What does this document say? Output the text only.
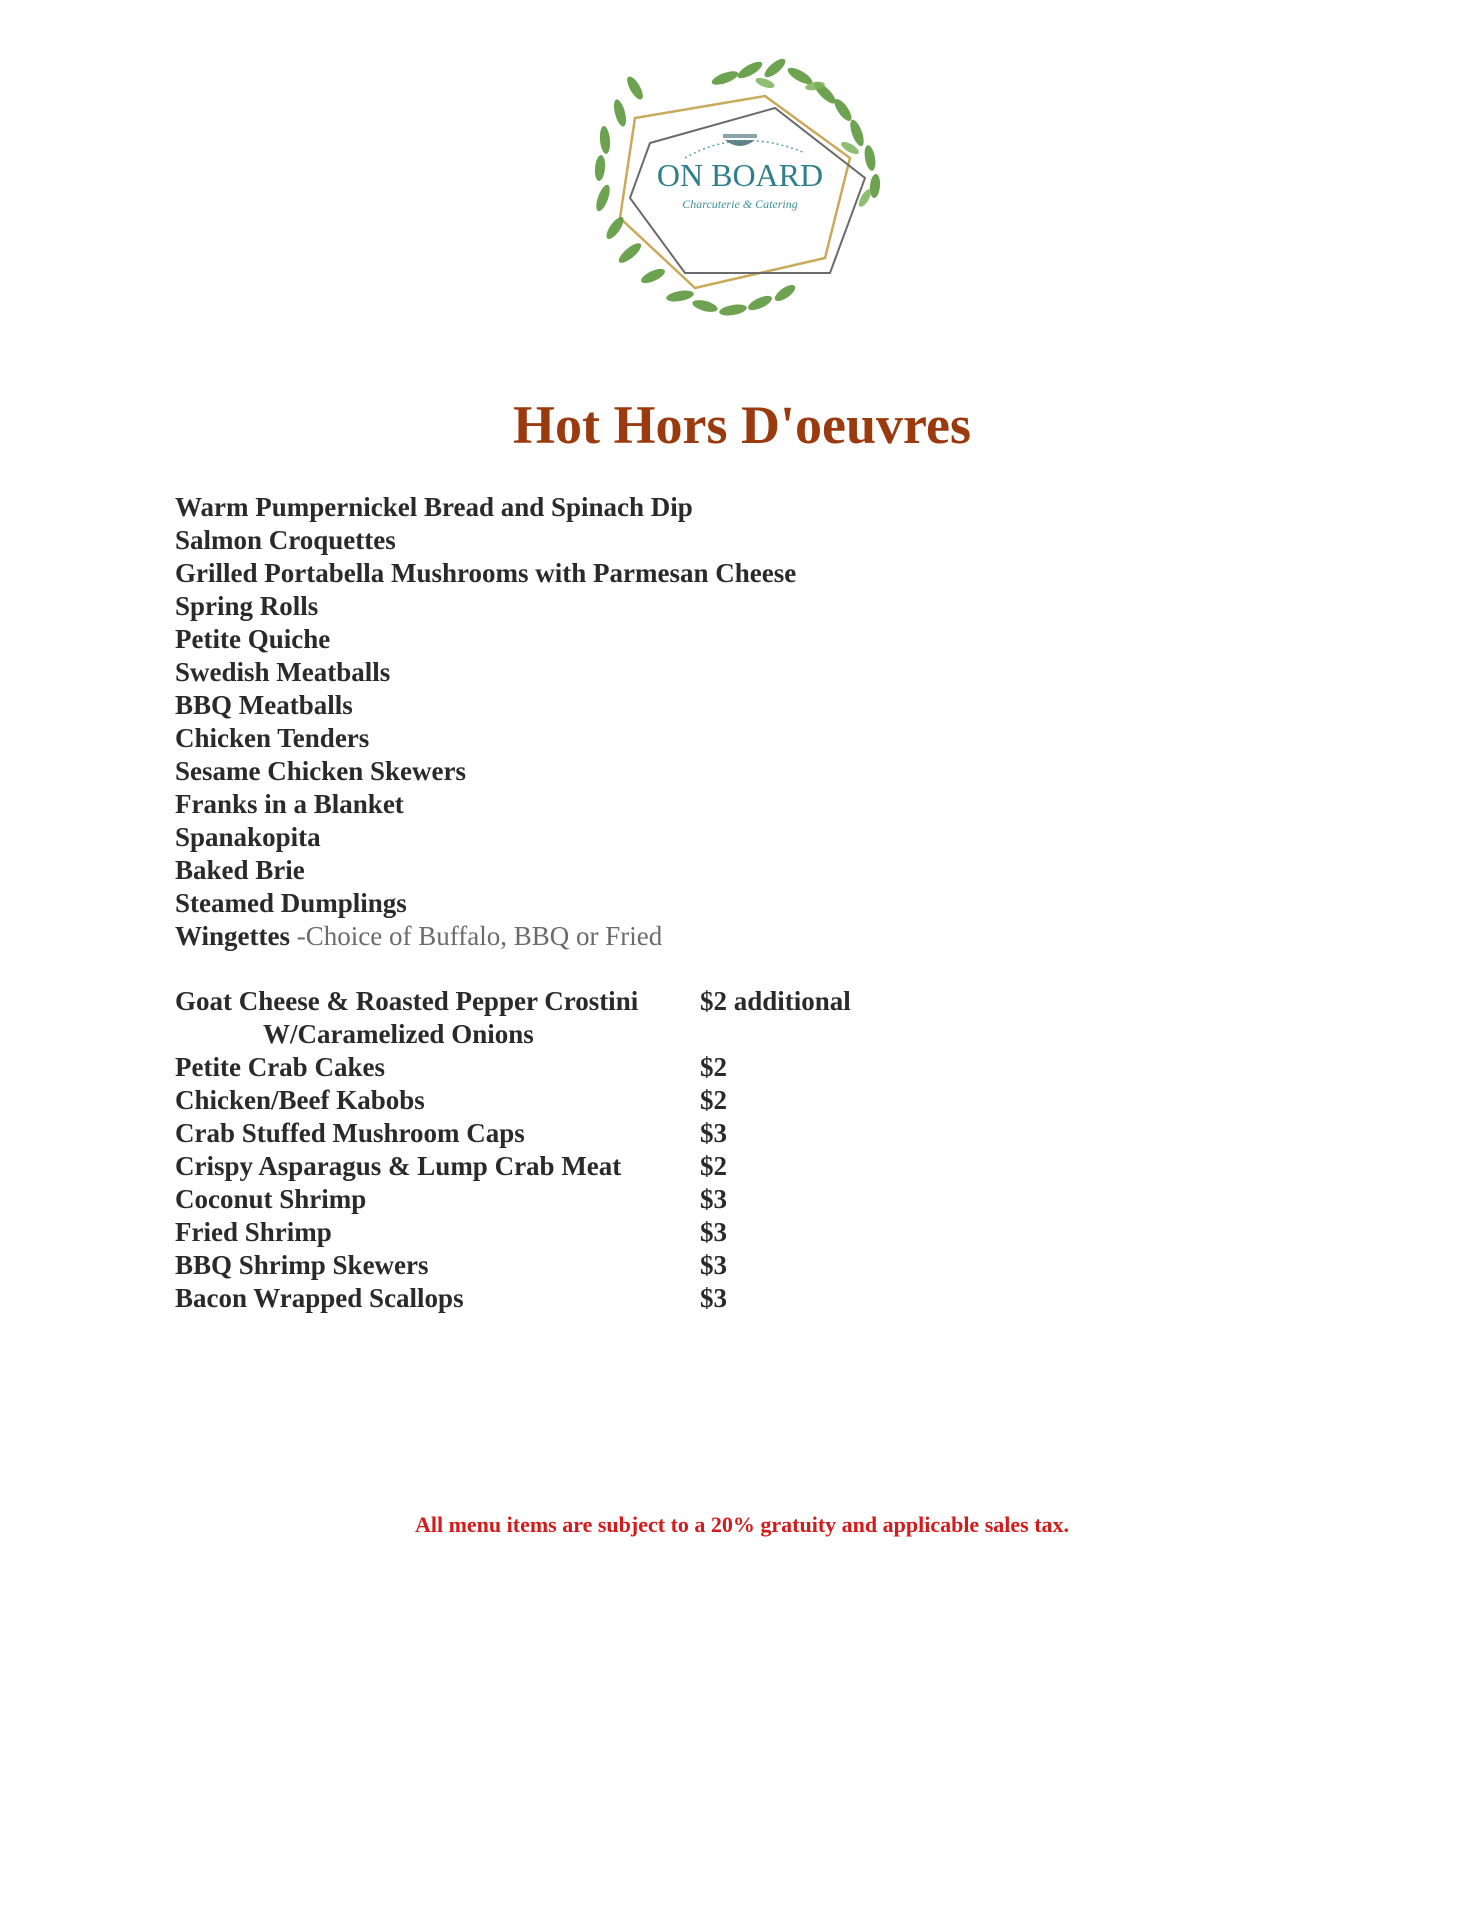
ON BOARD
Charcuterie & Catering
Hot Hors D'oeuvres
Warm Pumpernickel Bread and Spinach Dip
Salmon Croquettes
Grilled Portabella Mushrooms with Parmesan Cheese
Spring Rolls
Petite Quiche
Swedish Meatballs
BBQ Meatballs
Chicken Tenders
Sesame Chicken Skewers
Franks in a Blanket
Spanakopita
Baked Brie
Steamed Dumplings
Wingettes -Choice of Buffalo, BBQ or Fried
Goat Cheese & Roasted Pepper Crostini $2 additional
W/Caramelized Onions
Petite Crab Cakes	$2
Chicken/Beef Kabobs	$2
Crab Stuffed Mushroom Caps	$3
Crispy Asparagus & Lump Crab Meat	$2
Coconut Shrimp	$3
Fried Shrimp	$3
BBQ Shrimp Skewers	$3
Bacon Wrapped Scallops	$3
All menu items are subject to a 20% gratuity and applicable sales tax.
